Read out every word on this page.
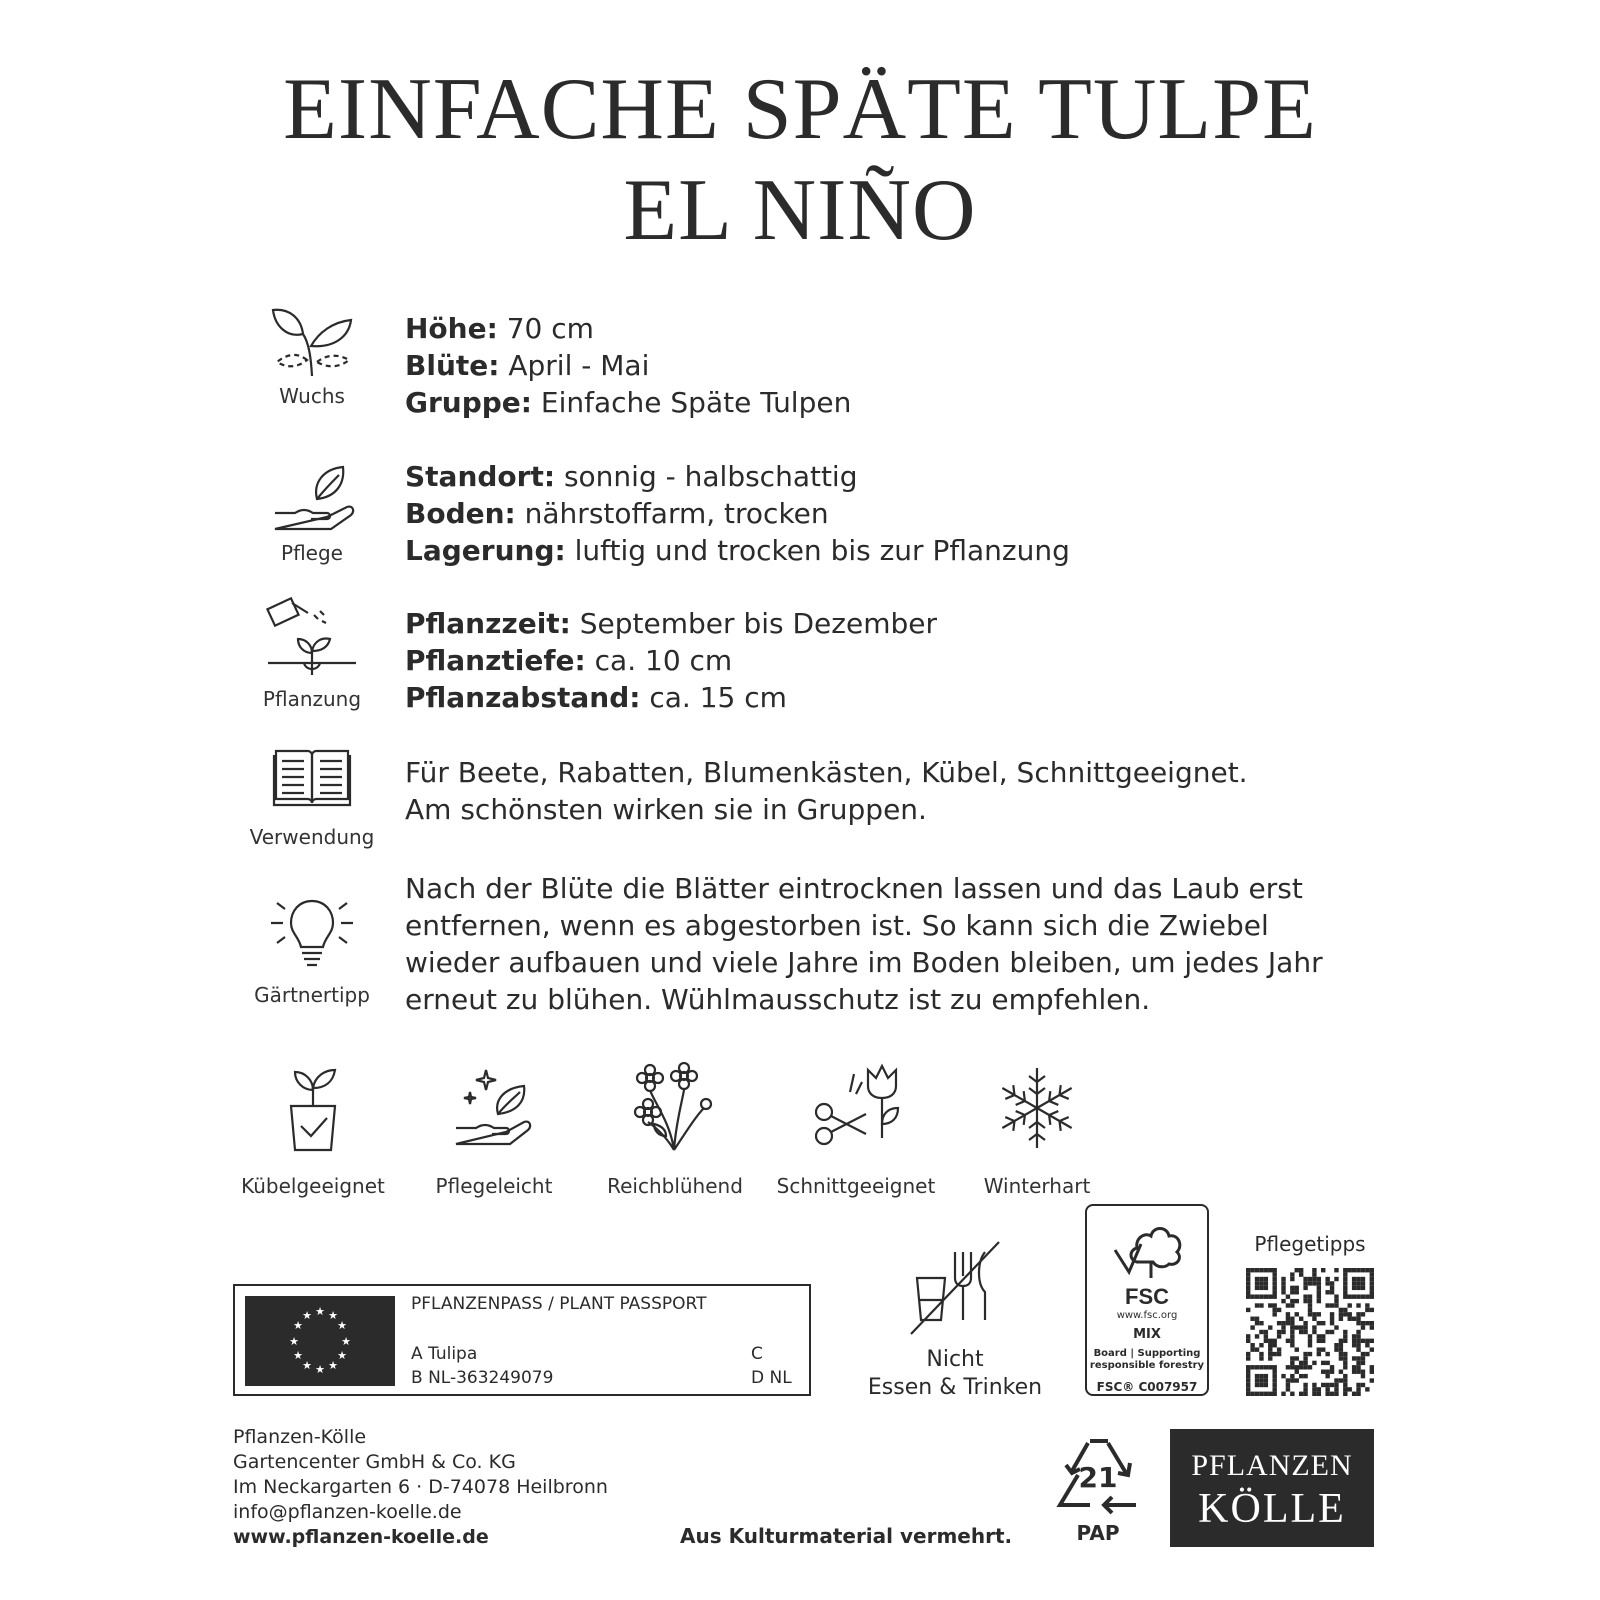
EINFACHE SPÄTE TULPE
EL NIÑO
Wuchs
Höhe: 70 cm
Blüte: April - Mai
Gruppe: Einfache Späte Tulpen
Pflege
Standort: sonnig - halbschattig
Boden: nährstoffarm, trocken
Lagerung: luftig und trocken bis zur Pflanzung
Pflanzung
Pflanzzeit: September bis Dezember
Pflanztiefe: ca. 10 cm
Pflanzabstand: ca. 15 cm
Verwendung
Für Beete, Rabatten, Blumenkästen, Kübel, Schnittgeeignet.
Am schönsten wirken sie in Gruppen.
Gärtnertipp
Nach der Blüte die Blätter eintrocknen lassen und das Laub erst
entfernen, wenn es abgestorben ist. So kann sich die Zwiebel
wieder aufbauen und viele Jahre im Boden bleiben, um jedes Jahr
erneut zu blühen. Wühlmausschutz ist zu empfehlen.
Kübelgeeignet	Pflegeleicht	Reichblühend	Schnittgeeignet	Winterhart
★ ★
★
★
★
★
★
★
★
★
★
★
PFLANZENPASS / PLANT PASSPORT
A Tulipa
B NL-363249079
C
D NL
Nicht
Essen & Trinken
FSC
www.fsc.org
MIX
Board | Supporting
responsible forestry
FSC® C007957
Pflegetipps
Pflanzen-Kölle
Gartencenter GmbH & Co. KG
Im Neckargarten 6 · D-74078 Heilbronn
info@pflanzen-koelle.de
www.pflanzen-koelle.de	Aus Kulturmaterial vermehrt.
21
PAP
PFLANZEN
KÖLLE
